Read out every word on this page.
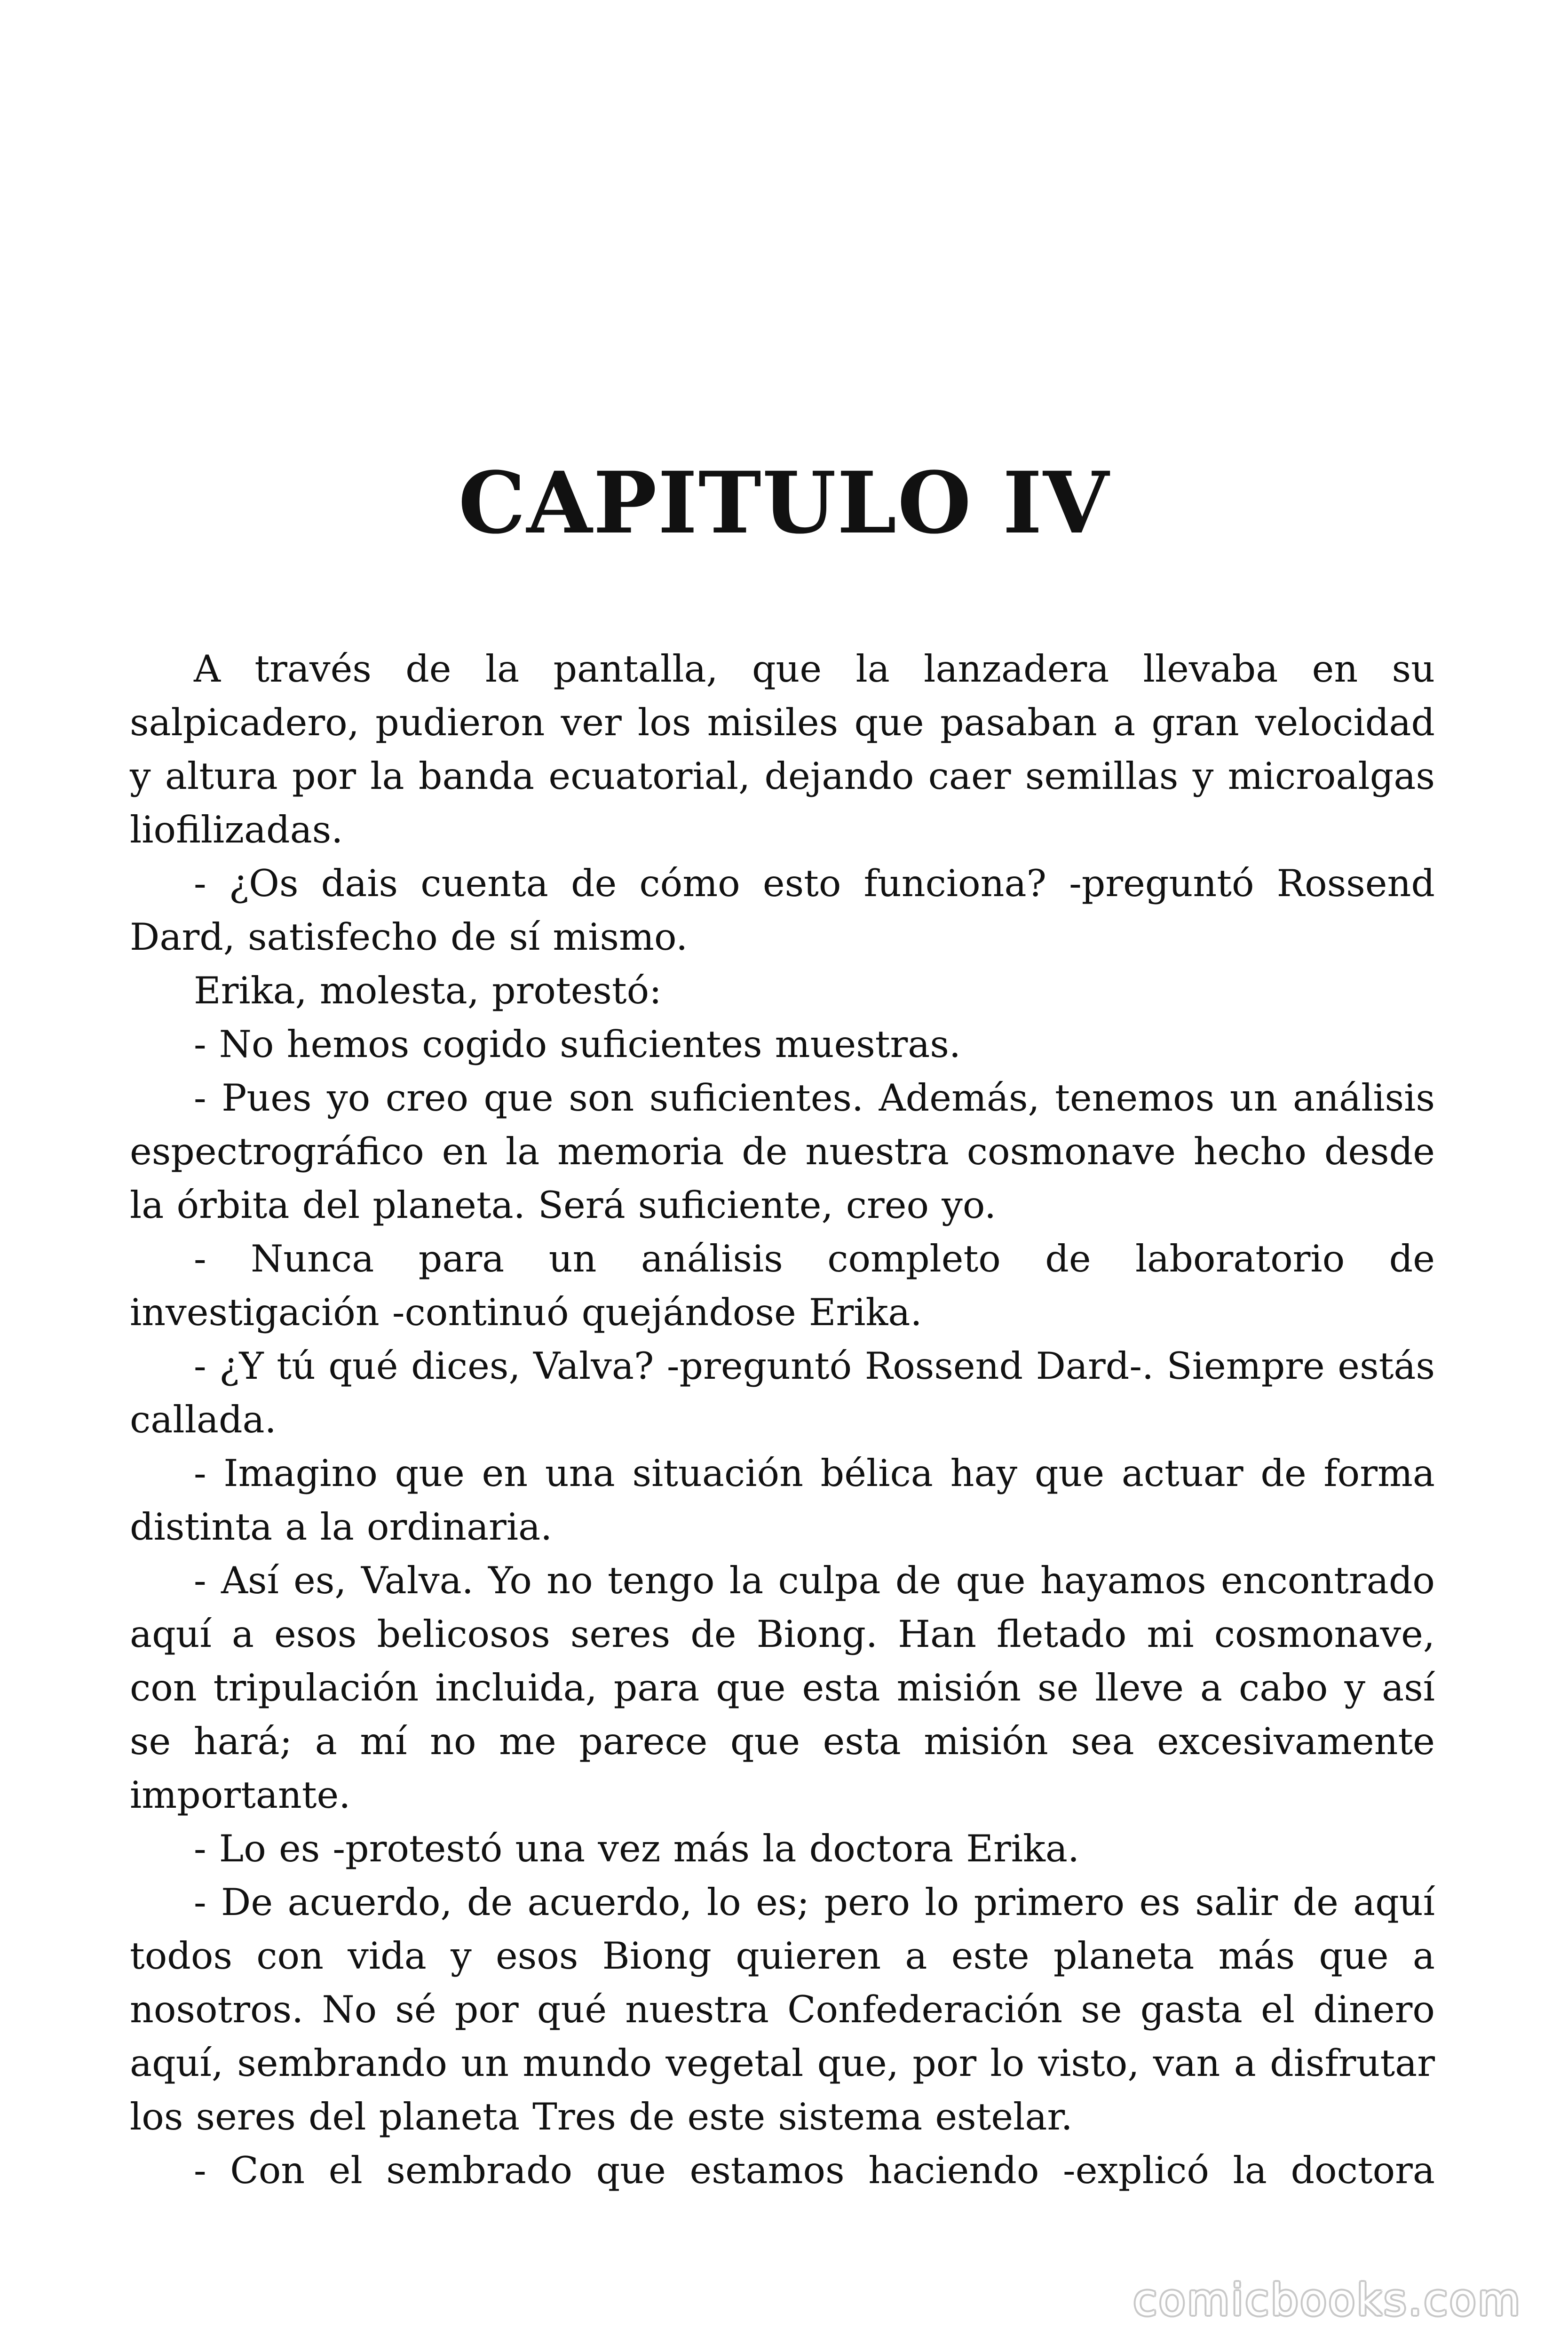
CAPITULO IV

A través de la pantalla, que la lanzadera llevaba en su salpicadero, pudieron ver los misiles que pasaban a gran velocidad y altura por la banda ecuatorial, dejando caer semillas y microalgas liofilizadas.

- ¿Os dais cuenta de cómo esto funciona? -preguntó Rossend Dard, satisfecho de sí mismo.

Erika, molesta, protestó:

- No hemos cogido suficientes muestras.

- Pues yo creo que son suficientes. Además, tenemos un análisis espectrográfico en la memoria de nuestra cosmonave hecho desde la órbita del planeta. Será suficiente, creo yo.

- Nunca para un análisis completo de laboratorio de investigación -continuó quejándose Erika.

- ¿Y tú qué dices, Valva? -preguntó Rossend Dard-. Siempre estás callada.

- Imagino que en una situación bélica hay que actuar de forma distinta a la ordinaria.

- Así es, Valva. Yo no tengo la culpa de que hayamos encontrado aquí a esos belicosos seres de Biong. Han fletado mi cosmonave, con tripulación incluida, para que esta misión se lleve a cabo y así se hará; a mí no me parece que esta misión sea excesivamente importante.

- Lo es -protestó una vez más la doctora Erika.

- De acuerdo, de acuerdo, lo es; pero lo primero es salir de aquí todos con vida y esos Biong quieren a este planeta más que a nosotros. No sé por qué nuestra Confederación se gasta el dinero aquí, sembrando un mundo vegetal que, por lo visto, van a disfrutar los seres del planeta Tres de este sistema estelar.

- Con el sembrado que estamos haciendo -explicó la doctora

comicbooks.com
